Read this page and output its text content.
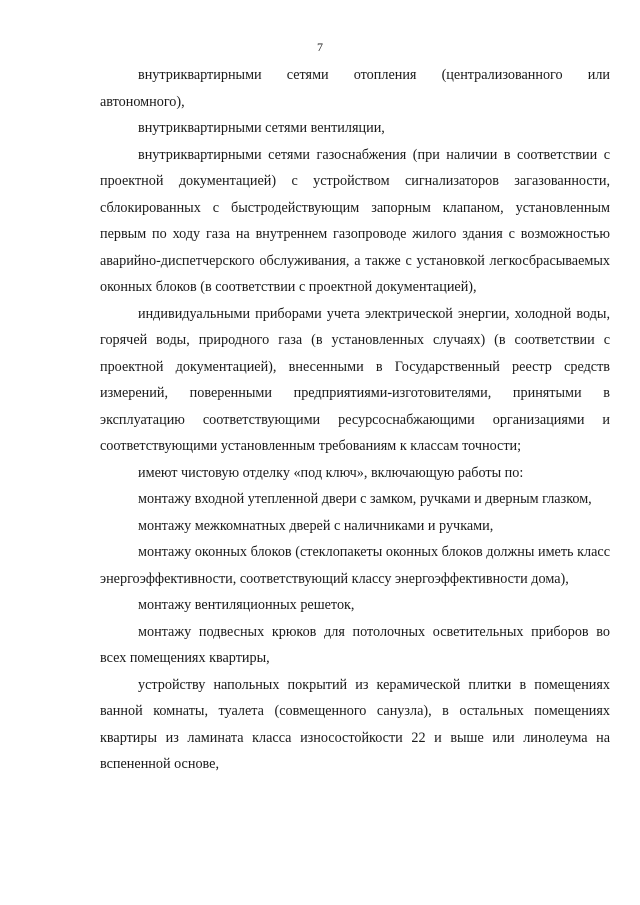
7

внутриквартирными сетями отопления (централизованного или автономного),

внутриквартирными сетями вентиляции,

внутриквартирными сетями газоснабжения (при наличии в соответствии с проектной документацией) с устройством сигнализаторов загазованности, сблокированных с быстродействующим запорным клапаном, установленным первым по ходу газа на внутреннем газопроводе жилого здания с возможностью аварийно-диспетчерского обслуживания, а также с установкой легкосбрасываемых оконных блоков (в соответствии с проектной документацией),

индивидуальными приборами учета электрической энергии, холодной воды, горячей воды, природного газа (в установленных случаях) (в соответствии с проектной документацией), внесенными в Государственный реестр средств измерений, поверенными предприятиями-изготовителями, принятыми в эксплуатацию соответствующими ресурсоснабжающими организациями и соответствующими установленным требованиям к классам точности;

имеют чистовую отделку «под ключ», включающую работы по:

монтажу входной утепленной двери с замком, ручками и дверным глазком,

монтажу межкомнатных дверей с наличниками и ручками,

монтажу оконных блоков (стеклопакеты оконных блоков должны иметь класс энергоэффективности, соответствующий классу энергоэффективности дома),

монтажу вентиляционных решеток,

монтажу подвесных крюков для потолочных осветительных приборов во всех помещениях квартиры,

устройству напольных покрытий из керамической плитки в помещениях ванной комнаты, туалета (совмещенного санузла), в остальных помещениях квартиры из ламината класса износостойкости 22 и выше или линолеума на вспененной основе,
